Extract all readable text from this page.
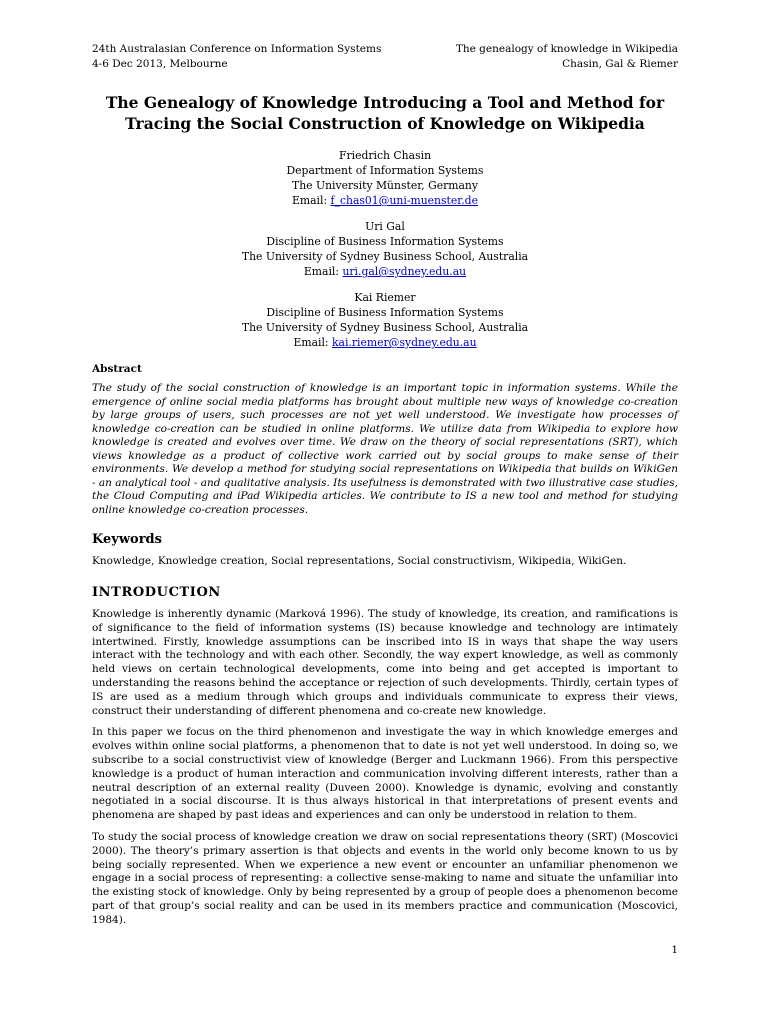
24th Australasian Conference on Information Systems
4-6 Dec 2013, Melbourne
The genealogy of knowledge in Wikipedia
Chasin, Gal & Riemer
The Genealogy of Knowledge Introducing a Tool and Method for Tracing the Social Construction of Knowledge on Wikipedia
Friedrich Chasin
Department of Information Systems
The University Münster, Germany
Email: f_chas01@uni-muenster.de
Uri Gal
Discipline of Business Information Systems
The University of Sydney Business School, Australia
Email: uri.gal@sydney.edu.au
Kai Riemer
Discipline of Business Information Systems
The University of Sydney Business School, Australia
Email: kai.riemer@sydney.edu.au
Abstract
The study of the social construction of knowledge is an important topic in information systems. While the emergence of online social media platforms has brought about multiple new ways of knowledge co-creation by large groups of users, such processes are not yet well understood. We investigate how processes of knowledge co-creation can be studied in online platforms. We utilize data from Wikipedia to explore how knowledge is created and evolves over time. We draw on the theory of social representations (SRT), which views knowledge as a product of collective work carried out by social groups to make sense of their environments. We develop a method for studying social representations on Wikipedia that builds on WikiGen - an analytical tool - and qualitative analysis. Its usefulness is demonstrated with two illustrative case studies, the Cloud Computing and iPad Wikipedia articles. We contribute to IS a new tool and method for studying online knowledge co-creation processes.
Keywords
Knowledge, Knowledge creation, Social representations, Social constructivism, Wikipedia, WikiGen.
INTRODUCTION
Knowledge is inherently dynamic (Marková 1996). The study of knowledge, its creation, and ramifications is of significance to the field of information systems (IS) because knowledge and technology are intimately intertwined. Firstly, knowledge assumptions can be inscribed into IS in ways that shape the way users interact with the technology and with each other. Secondly, the way expert knowledge, as well as commonly held views on certain technological developments, come into being and get accepted is important to understanding the reasons behind the acceptance or rejection of such developments. Thirdly, certain types of IS are used as a medium through which groups and individuals communicate to express their views, construct their understanding of different phenomena and co-create new knowledge.
In this paper we focus on the third phenomenon and investigate the way in which knowledge emerges and evolves within online social platforms, a phenomenon that to date is not yet well understood. In doing so, we subscribe to a social constructivist view of knowledge (Berger and Luckmann 1966). From this perspective knowledge is a product of human interaction and communication involving different interests, rather than a neutral description of an external reality (Duveen 2000). Knowledge is dynamic, evolving and constantly negotiated in a social discourse. It is thus always historical in that interpretations of present events and phenomena are shaped by past ideas and experiences and can only be understood in relation to them.
To study the social process of knowledge creation we draw on social representations theory (SRT) (Moscovici 2000). The theory’s primary assertion is that objects and events in the world only become known to us by being socially represented. When we experience a new event or encounter an unfamiliar phenomenon we engage in a social process of representing: a collective sense-making to name and situate the unfamiliar into the existing stock of knowledge. Only by being represented by a group of people does a phenomenon become part of that group’s social reality and can be used in its members practice and communication (Moscovici, 1984).
1
